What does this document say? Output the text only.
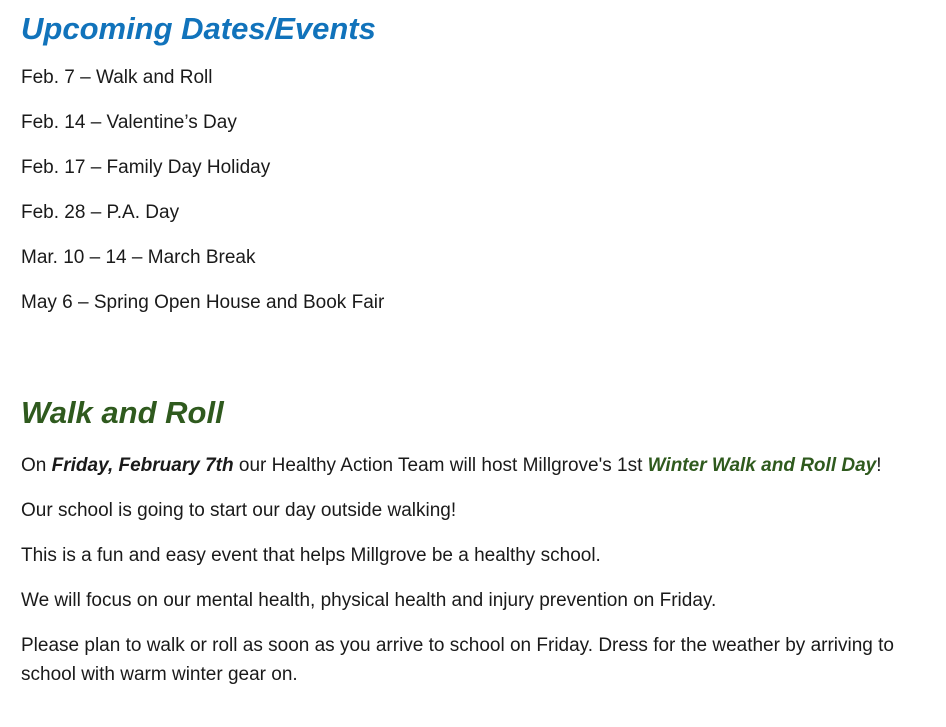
Upcoming Dates/Events

Feb. 7 – Walk and Roll

Feb. 14 – Valentine’s Day

Feb. 17 – Family Day Holiday

Feb. 28 – P.A. Day

Mar. 10 – 14 – March Break

May 6 – Spring Open House and Book Fair

Walk and Roll

On Friday, February 7th our Healthy Action Team will host Millgrove's 1st Winter Walk and Roll Day!

Our school is going to start our day outside walking!

This is a fun and easy event that helps Millgrove be a healthy school.

We will focus on our mental health, physical health and injury prevention on Friday.

Please plan to walk or roll as soon as you arrive to school on Friday. Dress for the weather by arriving to school with warm winter gear on.
